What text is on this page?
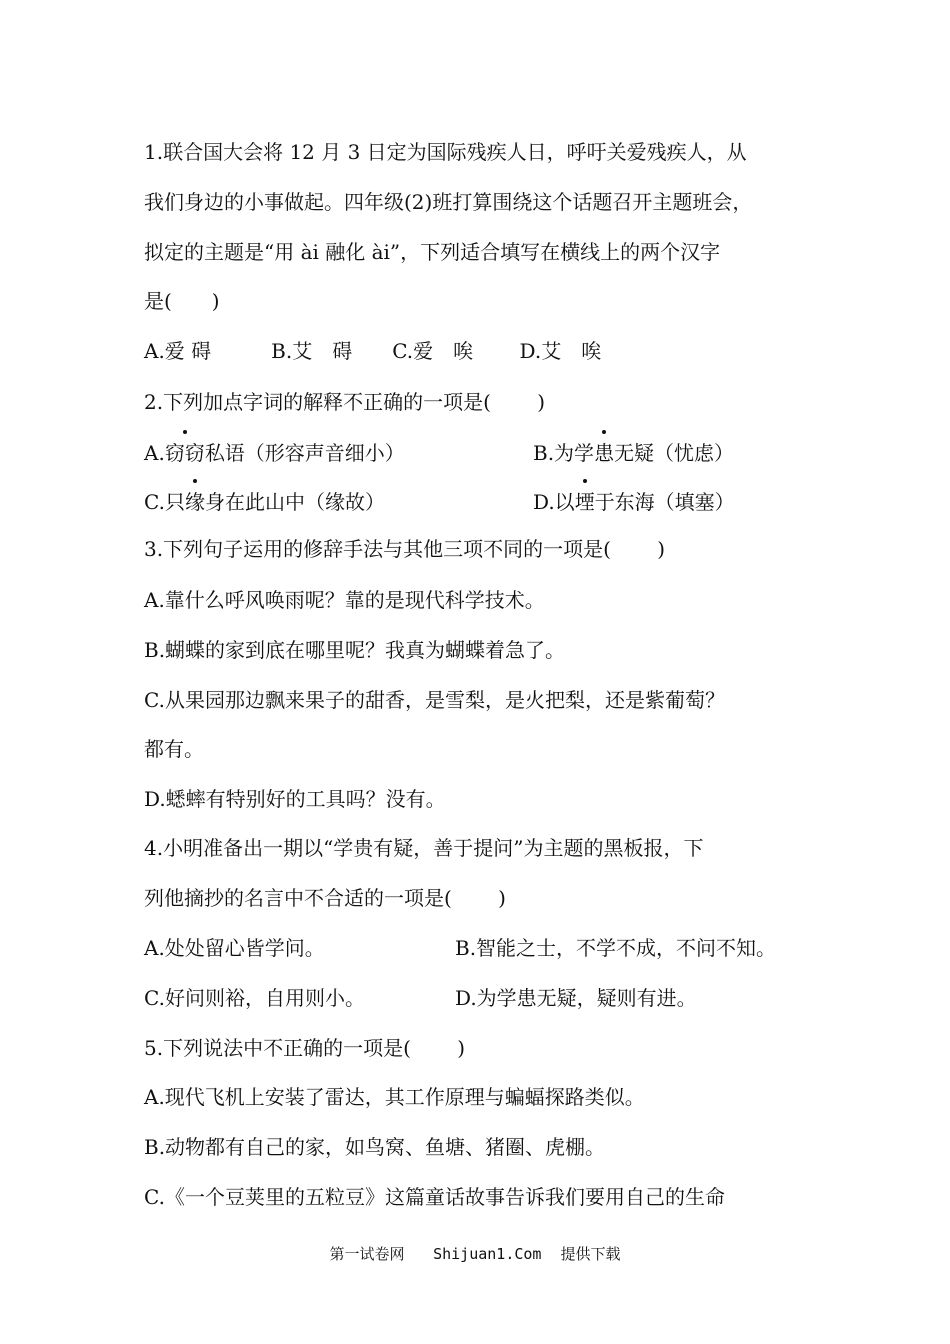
1.联合国大会将 12 月 3 日定为国际残疾人日，呼吁关爱残疾人，从
我们身边的小事做起。四年级(2)班打算围绕这个话题召开主题班会，
拟定的主题是“用 ài 融化 ài”，下列适合填写在横线上的两个汉字
是(　　)
A.爱 碍　　　B.艾　碍　　C.爱　唉　　 D.艾　唉
2.下列加点字词的解释不正确的一项是(　　 )
A.窃窃私语（形容声音细小）	B.为学患无疑（忧虑）
C.只缘身在此山中（缘故）	D.以堙于东海（填塞）
3.下列句子运用的修辞手法与其他三项不同的一项是(　　 )
A.靠什么呼风唤雨呢？靠的是现代科学技术。
B.蝴蝶的家到底在哪里呢？我真为蝴蝶着急了。
C.从果园那边飘来果子的甜香，是雪梨，是火把梨，还是紫葡萄？
都有。
D.蟋蟀有特别好的工具吗？没有。
4.小明准备出一期以“学贵有疑，善于提问”为主题的黑板报，下
列他摘抄的名言中不合适的一项是(　　 )
A.处处留心皆学问。	B.智能之士，不学不成，不问不知。
C.好问则裕，自用则小。	D.为学患无疑，疑则有进。
5.下列说法中不正确的一项是(　　 )
A.现代飞机上安装了雷达，其工作原理与蝙蝠探路类似。
B.动物都有自己的家，如鸟窝、鱼塘、猪圈、虎棚。
C.《一个豆荚里的五粒豆》这篇童话故事告诉我们要用自己的生命
第一试卷网 Shijuan1.Com 提供下载
